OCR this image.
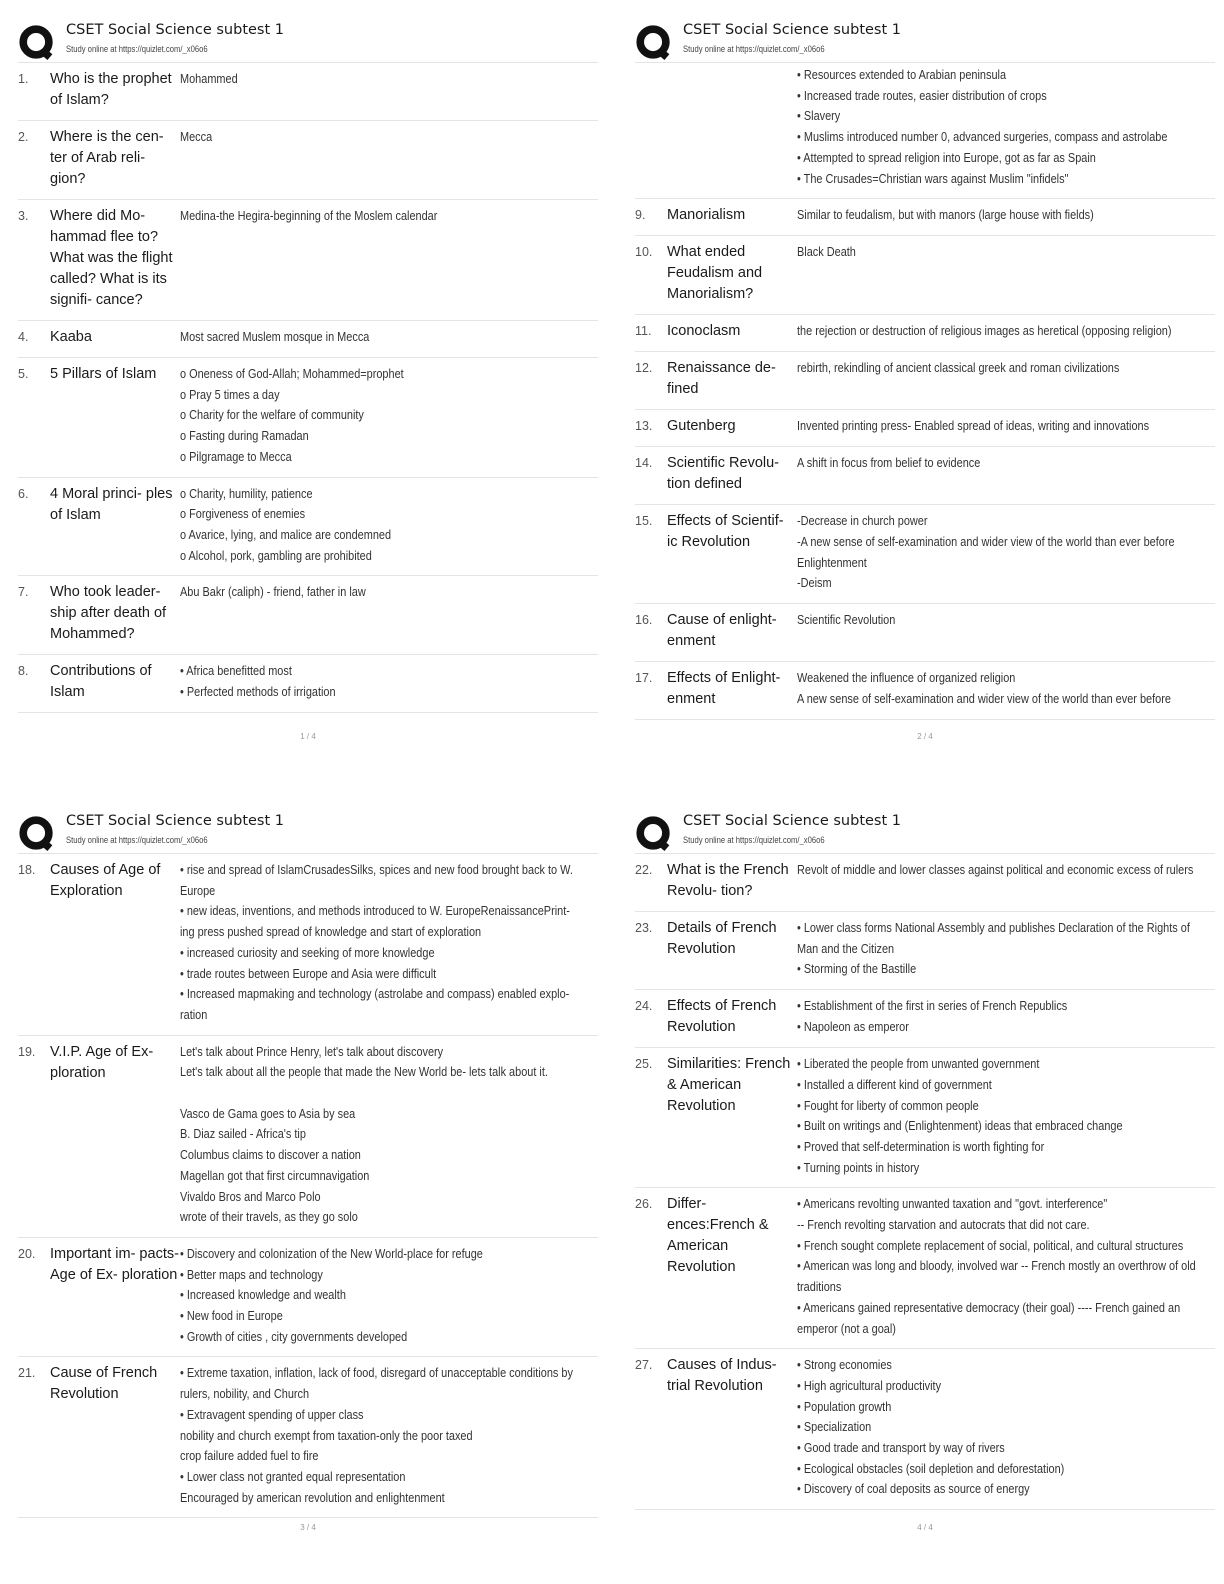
CSET Social Science subtest 1
Study online at https://quizlet.com/_x06o6
1.	Who is the prophet of Islam?
Mohammed
2.	Where is the cen- ter of Arab reli- gion?
Mecca
3.	Where did Mo- hammad flee to? What was the flight called? What is its signifi- cance?
Medina-the Hegira-beginning of the Moslem calendar
4.	Kaaba	Most sacred Muslem mosque in Mecca
5.	5 Pillars of Islam	o Oneness of God-Allah; Mohammed=prophet
o Pray 5 times a day
o Charity for the welfare of community
o Fasting during Ramadan
o Pilgramage to Mecca
6.	4 Moral princi- ples of Islam
o Charity, humility, patience
o Forgiveness of enemies
o Avarice, lying, and malice are condemned
o Alcohol, pork, gambling are prohibited
7.	Who took leader- ship after death of Mohammed?
Abu Bakr (caliph) - friend, father in law
8.	Contributions of Islam
• Africa benefitted most
• Perfected methods of irrigation
1 / 4
CSET Social Science subtest 1
Study online at https://quizlet.com/_x06o6
• Resources extended to Arabian peninsula
• Increased trade routes, easier distribution of crops
• Slavery
• Muslims introduced number 0, advanced surgeries, compass and astrolabe
• Attempted to spread religion into Europe, got as far as Spain
• The Crusades=Christian wars against Muslim "infidels"
9.	Manorialism	Similar to feudalism, but with manors (large house with fields)
10.	What ended Feudalism and Manorialism?
Black Death
11.	Iconoclasm	the rejection or destruction of religious images as heretical (opposing religion)
12.	Renaissance de- fined
rebirth, rekindling of ancient classical greek and roman civilizations
13.	Gutenberg	Invented printing press- Enabled spread of ideas, writing and innovations
14.	Scientific Revolu- tion defined
A shift in focus from belief to evidence
15.	Effects of Scientif- ic Revolution
-Decrease in church power
-A new sense of self-examination and wider view of the world than ever before
Enlightenment
-Deism
16.	Cause of enlight- enment
Scientific Revolution
17.	Effects of Enlight- enment
Weakened the influence of organized religion
A new sense of self-examination and wider view of the world than ever before
2 / 4
CSET Social Science subtest 1
Study online at https://quizlet.com/_x06o6
18.	Causes of Age of Exploration
• rise and spread of IslamCrusadesSilks, spices and new food brought back to W.
Europe
• new ideas, inventions, and methods introduced to W. EuropeRenaissancePrint-
ing press pushed spread of knowledge and start of exploration
• increased curiosity and seeking of more knowledge
• trade routes between Europe and Asia were difficult
• Increased mapmaking and technology (astrolabe and compass) enabled explo-
ration
19.	V.I.P. Age of Ex- ploration
Let's talk about Prince Henry, let's talk about discovery
Let's talk about all the people that made the New World be- lets talk about it.
Vasco de Gama goes to Asia by sea
B. Diaz sailed - Africa's tip
Columbus claims to discover a nation
Magellan got that first circumnavigation
Vivaldo Bros and Marco Polo
wrote of their travels, as they go solo
20.	Important im- pacts-Age of Ex- ploration
• Discovery and colonization of the New World-place for refuge
• Better maps and technology
• Increased knowledge and wealth
• New food in Europe
• Growth of cities , city governments developed
21.	Cause of French Revolution
• Extreme taxation, inflation, lack of food, disregard of unacceptable conditions by
rulers, nobility, and Church
• Extravagent spending of upper class
nobility and church exempt from taxation-only the poor taxed
crop failure added fuel to fire
• Lower class not granted equal representation
Encouraged by american revolution and enlightenment
3 / 4
CSET Social Science subtest 1
Study online at https://quizlet.com/_x06o6
22.	What is the French Revolu- tion?
Revolt of middle and lower classes against political and economic excess of rulers
23.	Details of French Revolution
• Lower class forms National Assembly and publishes Declaration of the Rights of
Man and the Citizen
• Storming of the Bastille
24.	Effects of French Revolution
• Establishment of the first in series of French Republics
• Napoleon as emperor
25.	Similarities: French & American Revolution
• Liberated the people from unwanted government
• Installed a different kind of government
• Fought for liberty of common people
• Built on writings and (Enlightenment) ideas that embraced change
• Proved that self-determination is worth fighting for
• Turning points in history
26.	Differ- ences:French & American Revolution
• Americans revolting unwanted taxation and "govt. interference"
-- French revolting starvation and autocrats that did not care.
• French sought complete replacement of social, political, and cultural structures
• American was long and bloody, involved war -- French mostly an overthrow of old
traditions
• Americans gained representative democracy (their goal) ---- French gained an
emperor (not a goal)
27.	Causes of Indus- trial Revolution
• Strong economies
• High agricultural productivity
• Population growth
• Specialization
• Good trade and transport by way of rivers
• Ecological obstacles (soil depletion and deforestation)
• Discovery of coal deposits as source of energy
4 / 4
